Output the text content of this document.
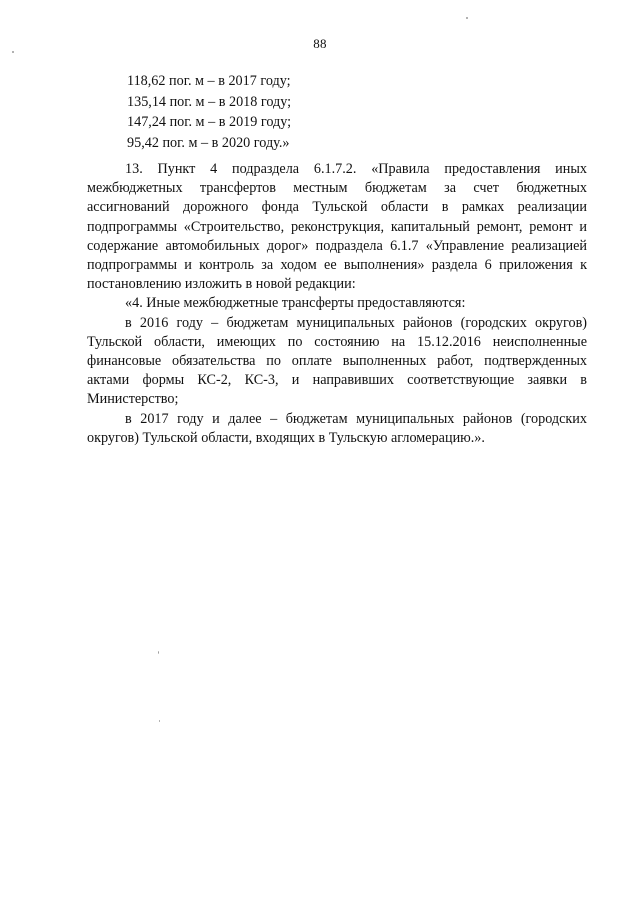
88
118,62 пог. м – в 2017 году;
135,14 пог. м – в 2018 году;
147,24 пог. м – в 2019 году;
95,42 пог. м – в 2020 году.»

13. Пункт 4 подраздела 6.1.7.2. «Правила предоставления иных межбюджетных трансфертов местным бюджетам за счет бюджетных ассигнований дорожного фонда Тульской области в рамках реализации подпрограммы «Строительство, реконструкция, капитальный ремонт, ремонт и содержание автомобильных дорог» подраздела 6.1.7 «Управление реализацией подпрограммы и контроль за ходом ее выполнения» раздела 6 приложения к постановлению изложить в новой редакции:

«4. Иные межбюджетные трансферты предоставляются:

в 2016 году – бюджетам муниципальных районов (городских округов) Тульской области, имеющих по состоянию на 15.12.2016 неисполненные финансовые обязательства по оплате выполненных работ, подтвержденных актами формы КС-2, КС-3, и направивших соответствующие заявки в Министерство;

в 2017 году и далее – бюджетам муниципальных районов (городских округов) Тульской области, входящих в Тульскую агломерацию.».
